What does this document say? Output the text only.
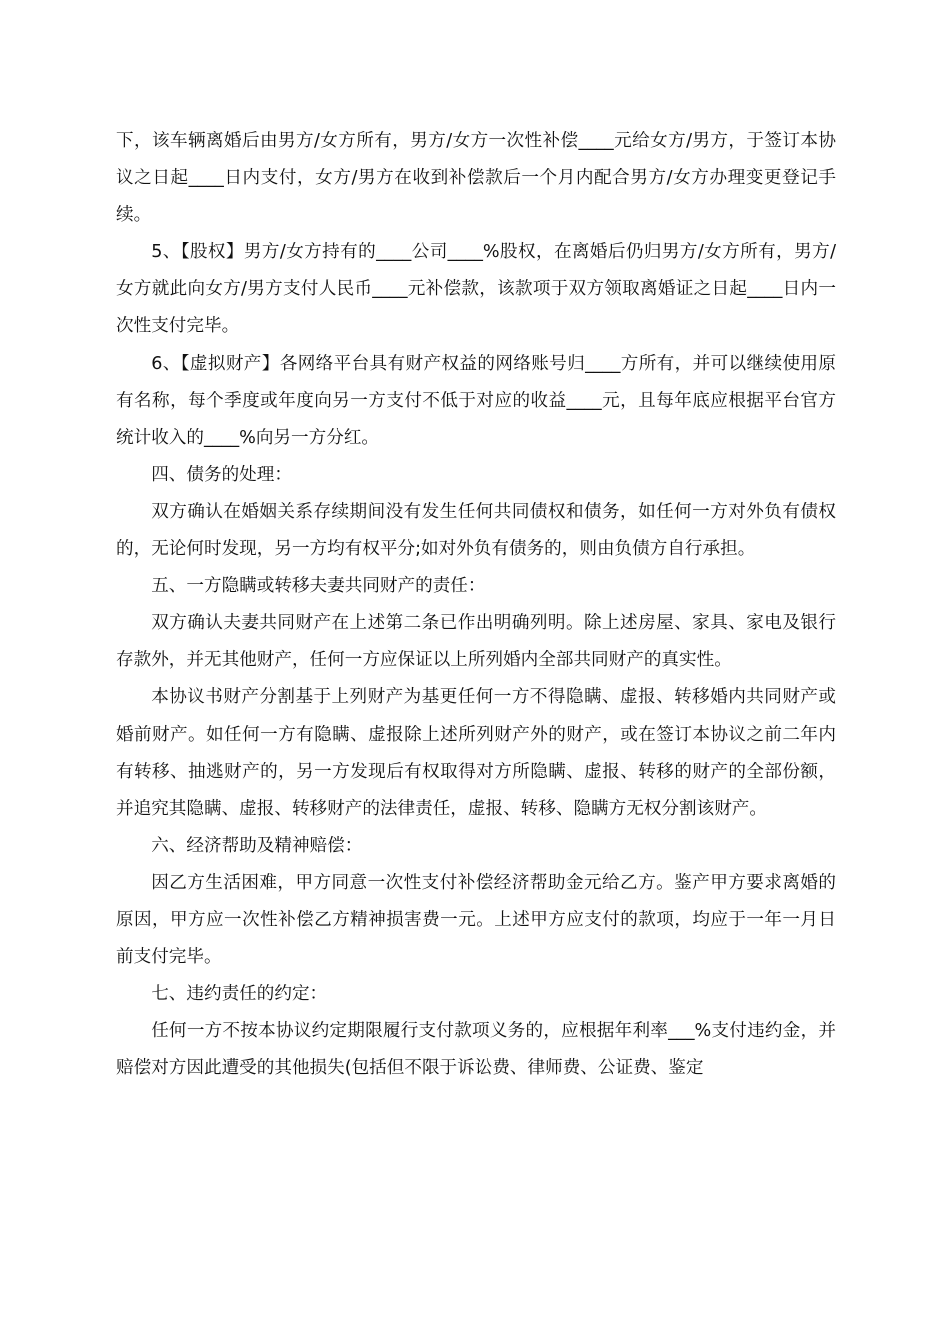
下，该车辆离婚后由男方/女方所有，男方/女方一次性补偿____元给女方/男方，于签订本协议之日起____日内支付，女方/男方在收到补偿款后一个月内配合男方/女方办理变更登记手续。

5、【股权】男方/女方持有的____公司____%股权，在离婚后仍归男方/女方所有，男方/女方就此向女方/男方支付人民币____元补偿款，该款项于双方领取离婚证之日起____日内一次性支付完毕。

6、【虚拟财产】各网络平台具有财产权益的网络账号归____方所有，并可以继续使用原有名称，每个季度或年度向另一方支付不低于对应的收益____元，且每年底应根据平台官方统计收入的____%向另一方分红。

四、债务的处理：

双方确认在婚姻关系存续期间没有发生任何共同债权和债务，如任何一方对外负有债权的，无论何时发现，另一方均有权平分;如对外负有债务的，则由负债方自行承担。

五、一方隐瞒或转移夫妻共同财产的责任：

双方确认夫妻共同财产在上述第二条已作出明确列明。除上述房屋、家具、家电及银行存款外，并无其他财产，任何一方应保证以上所列婚内全部共同财产的真实性。

本协议书财产分割基于上列财产为基更任何一方不得隐瞒、虚报、转移婚内共同财产或婚前财产。如任何一方有隐瞒、虚报除上述所列财产外的财产，或在签订本协议之前二年内有转移、抽逃财产的，另一方发现后有权取得对方所隐瞒、虚报、转移的财产的全部份额，并追究其隐瞒、虚报、转移财产的法律责任，虚报、转移、隐瞒方无权分割该财产。

六、经济帮助及精神赔偿：

因乙方生活困难，甲方同意一次性支付补偿经济帮助金元给乙方。鉴产甲方要求离婚的原因，甲方应一次性补偿乙方精神损害费一元。上述甲方应支付的款项，均应于一年一月日前支付完毕。

七、违约责任的约定：

任何一方不按本协议约定期限履行支付款项义务的，应根据年利率___%支付违约金，并赔偿对方因此遭受的其他损失(包括但不限于诉讼费、律师费、公证费、鉴定
